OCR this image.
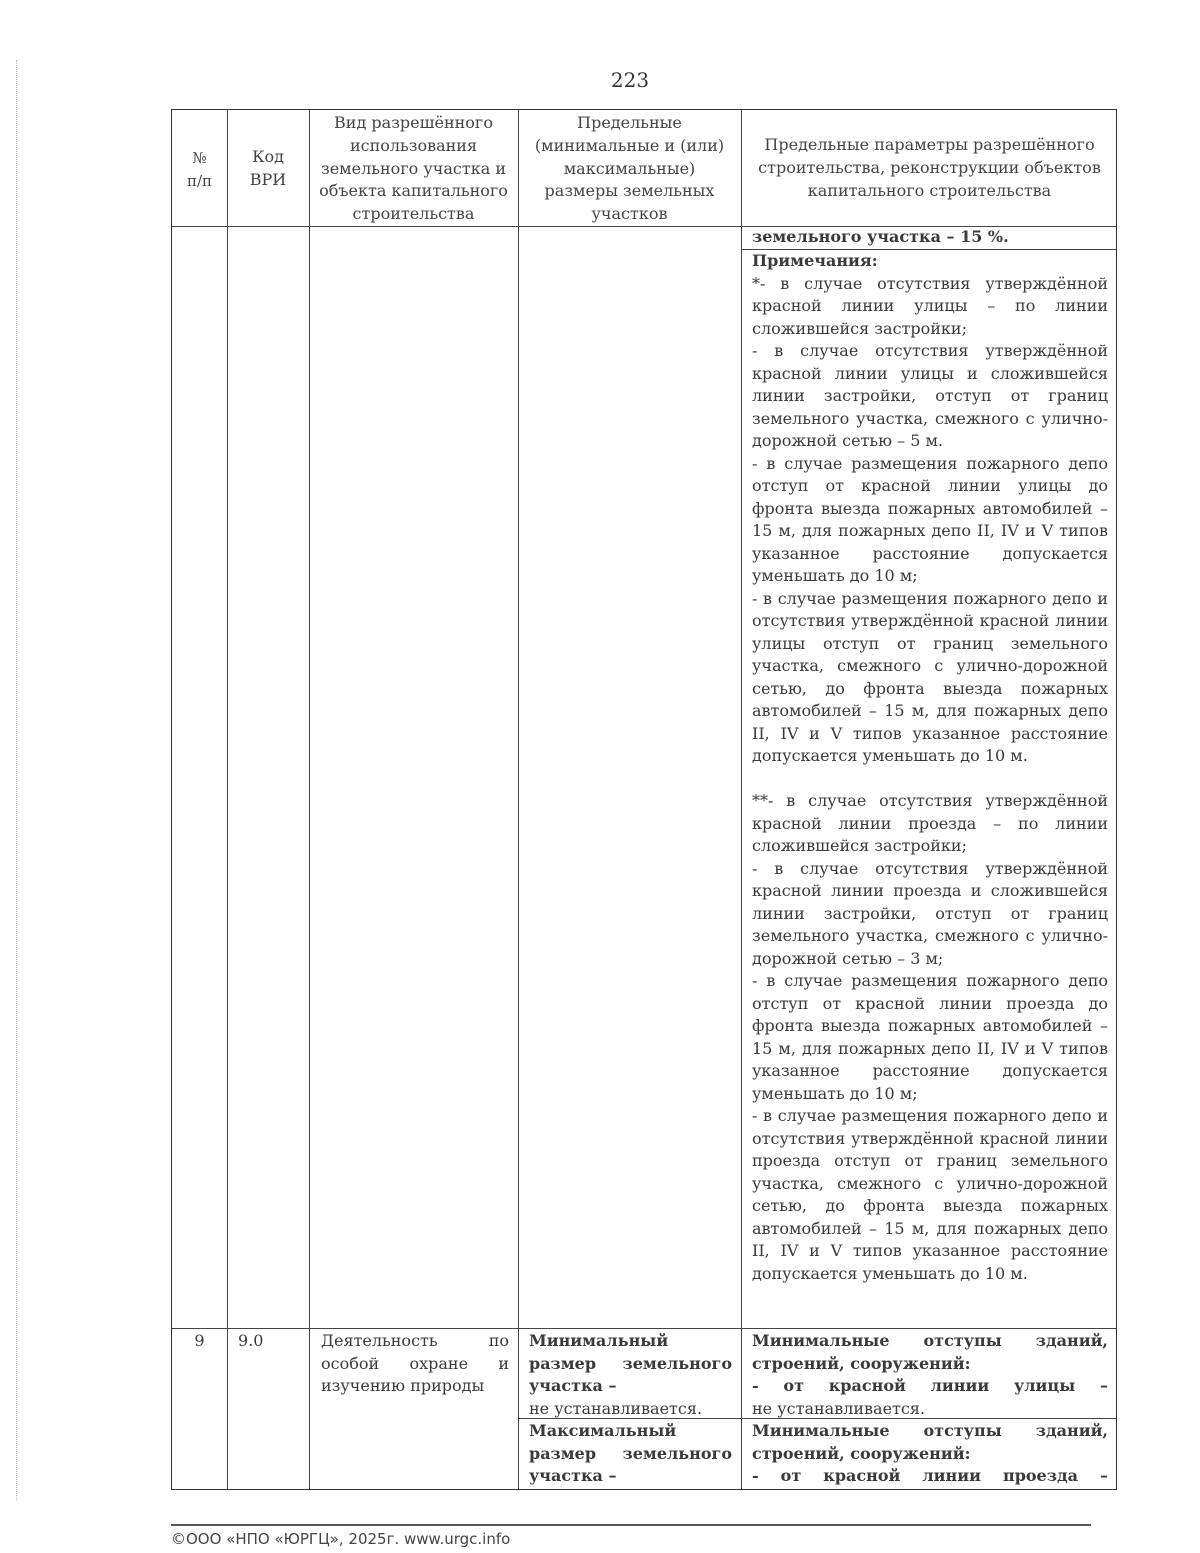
223
№
п/п
Код
ВРИ
Вид разрешённого
использования
земельного участка и
объекта капитального
строительства
Предельные
(минимальные и (или)
максимальные)
размеры земельных
участков
Предельные параметры разрешённого
строительства, реконструкции объектов
капитального строительства
земельного участка – 15 %.
Примечания:

*- в случае отсутствия утверждённой красной линии улицы – по линии сложившейся застройки;

- в случае отсутствия утверждённой красной линии улицы и сложившейся линии застройки, отступ от границ земельного участка, смежного с улично-дорожной сетью – 5 м.

- в случае размещения пожарного депо отступ от красной линии улицы до фронта выезда пожарных автомобилей – 15 м, для пожарных депо II, IV и V типов указанное расстояние допускается уменьшать до 10 м;

- в случае размещения пожарного депо и отсутствия утверждённой красной линии улицы отступ от границ земельного участка, смежного с улично-дорожной сетью, до фронта выезда пожарных автомобилей – 15 м, для пожарных депо II, IV и V типов указанное расстояние допускается уменьшать до 10 м.

**- в случае отсутствия утверждённой красной линии проезда – по линии сложившейся застройки;

- в случае отсутствия утверждённой красной линии проезда и сложившейся линии застройки, отступ от границ земельного участка, смежного с улично-дорожной сетью – 3 м;

- в случае размещения пожарного депо отступ от красной линии проезда до фронта выезда пожарных автомобилей – 15 м, для пожарных депо II, IV и V типов указанное расстояние допускается уменьшать до 10 м;

- в случае размещения пожарного депо и отсутствия утверждённой красной линии проезда отступ от границ земельного участка, смежного с улично-дорожной сетью, до фронта выезда пожарных автомобилей – 15 м, для пожарных депо II, IV и V типов указанное расстояние допускается уменьшать до 10 м.

9	9.0	Деятельность по особой охране и изучению природы
Минимальный размер земельного участка –
не устанавливается.
Максимальный размер земельного участка –
Минимальные отступы зданий, строений, сооружений:
- от красной линии улицы –
не устанавливается.
Минимальные отступы зданий, строений, сооружений:
- от красной линии проезда –
©ООО «НПО «ЮРГЦ», 2025г. www.urgc.info
